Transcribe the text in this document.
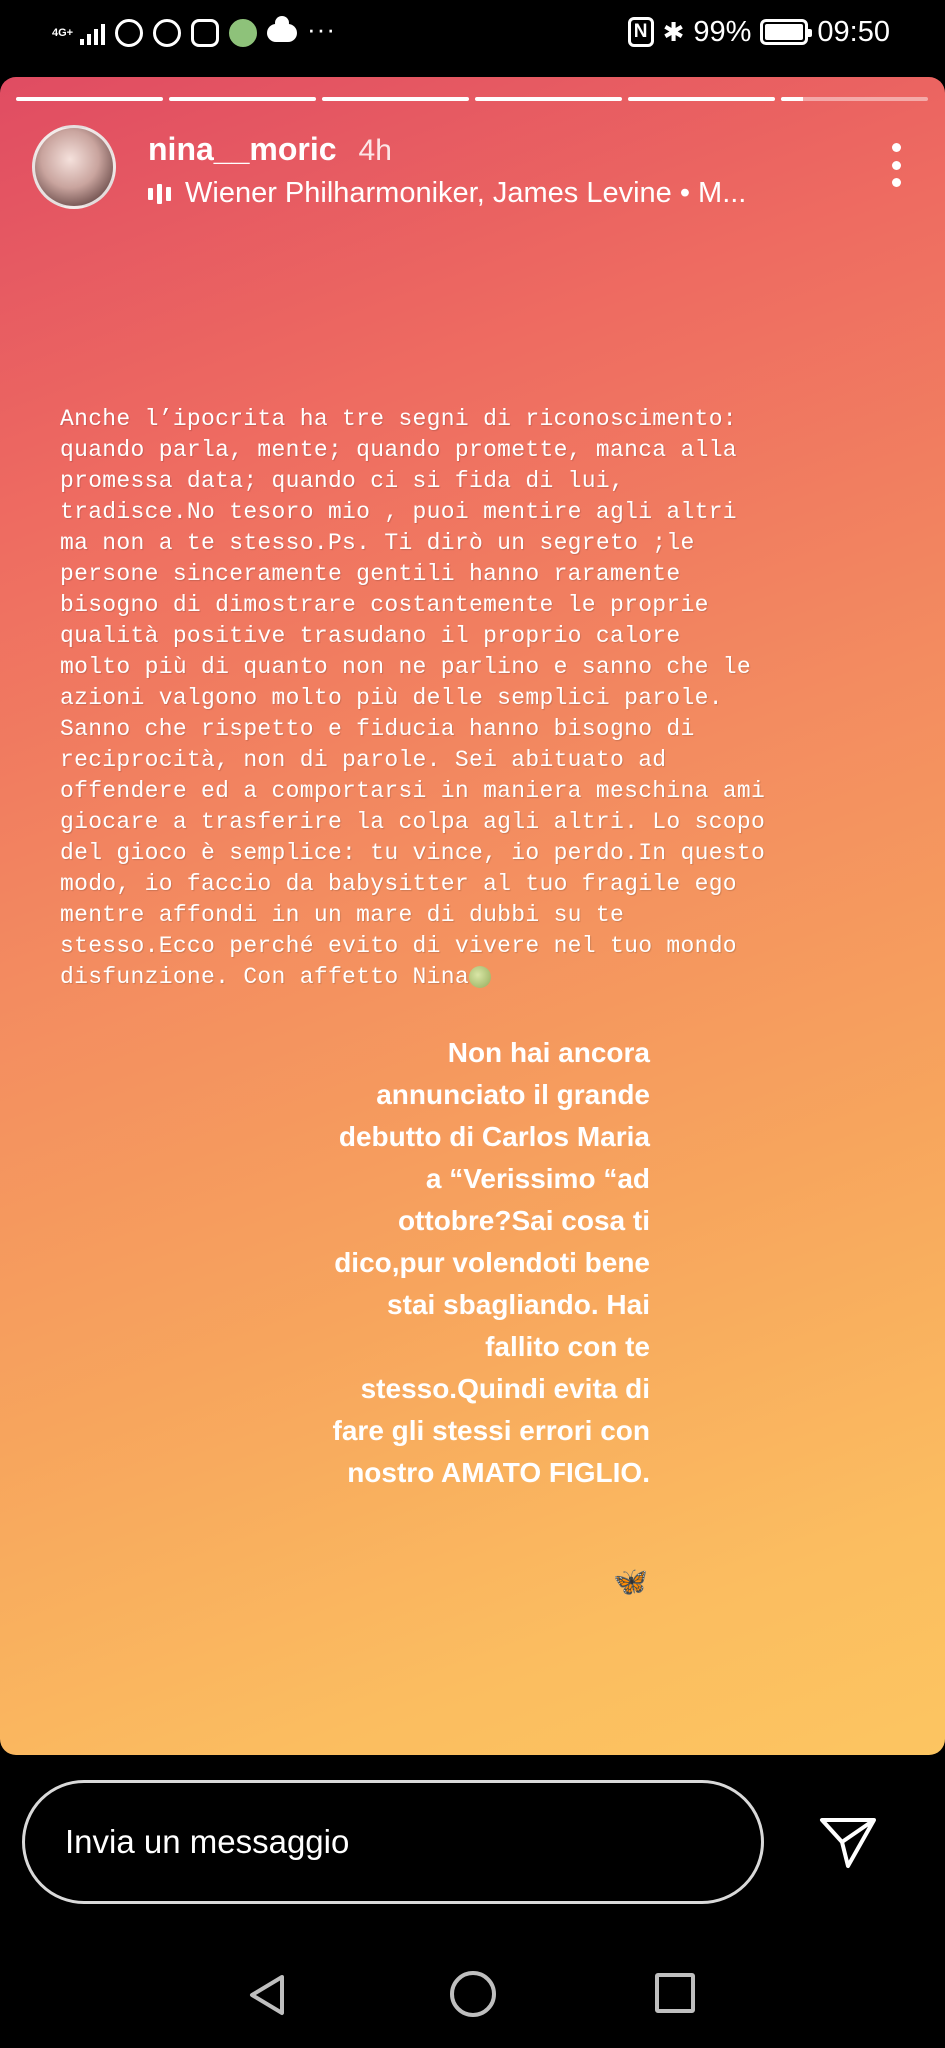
4G+	···	N ✱ 99% 09:50
nina__moric 4h
Wiener Philharmoniker, James Levine • M...
Anche l’ipocrita ha tre segni di riconoscimento:
quando parla, mente; quando promette, manca alla
promessa data; quando ci si fida di lui,
tradisce.No tesoro mio , puoi mentire agli altri
ma non a te stesso.Ps. Ti dirò un segreto ;le
persone sinceramente gentili hanno raramente
bisogno di dimostrare costantemente le proprie
qualità positive trasudano il proprio calore
molto più di quanto non ne parlino e sanno che le
azioni valgono molto più delle semplici parole.
Sanno che rispetto e fiducia hanno bisogno di
reciprocità, non di parole. Sei abituato ad
offendere ed a comportarsi in maniera meschina ami
giocare a trasferire la colpa agli altri. Lo scopo
del gioco è semplice: tu vince, io perdo.In questo
modo, io faccio da babysitter al tuo fragile ego
mentre affondi in un mare di dubbi su te
stesso.Ecco perché evito di vivere nel tuo mondo
disfunzione. Con affetto Nina
Non hai ancora
annunciato il grande
debutto di Carlos Maria
a “Verissimo “ad
ottobre?Sai cosa ti
dico,pur volendoti bene
stai sbagliando. Hai
fallito con te
stesso.Quindi evita di
fare gli stessi errori con
nostro AMATO FIGLIO.
🦋
Invia un messaggio
